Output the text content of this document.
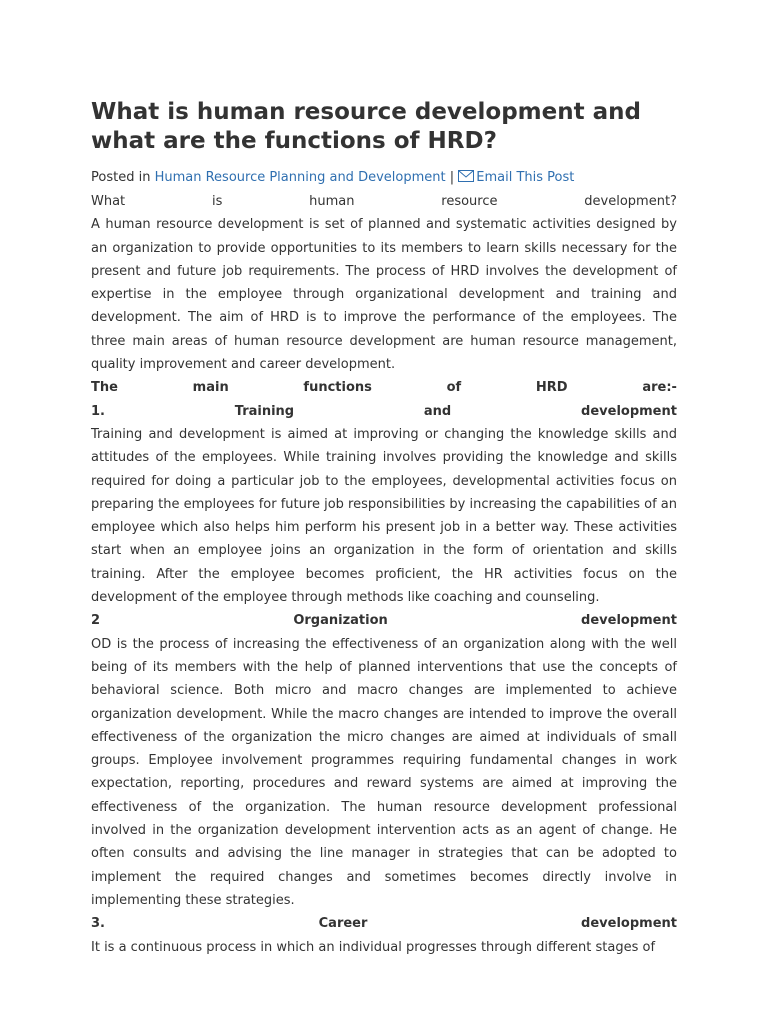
What is human resource development and what are the functions of HRD?
Posted in Human Resource Planning and Development | Email This Post
What	is	human	resource	development?

A human resource development is set of planned and systematic activities designed by an organization to provide opportunities to its members to learn skills necessary for the present and future job requirements. The process of HRD involves the development of expertise in the employee through organizational development and training and development. The aim of HRD is to improve the performance of the employees. The three main areas of human resource development are human resource management, quality improvement and career development.

The	main	functions	of	HRD	are:-
1.	Training	and	development

Training and development is aimed at improving or changing the knowledge skills and attitudes of the employees. While training involves providing the knowledge and skills required for doing a particular job to the employees, developmental activities focus on preparing the employees for future job responsibilities by increasing the capabilities of an employee which also helps him perform his present job in a better way. These activities start when an employee joins an organization in the form of orientation and skills training. After the employee becomes proficient, the HR activities focus on the development of the employee through methods like coaching and counseling.

2	Organization	development

OD is the process of increasing the effectiveness of an organization along with the well being of its members with the help of planned interventions that use the concepts of behavioral science. Both micro and macro changes are implemented to achieve organization development. While the macro changes are intended to improve the overall effectiveness of the organization the micro changes are aimed at individuals of small groups. Employee involvement programmes requiring fundamental changes in work expectation, reporting, procedures and reward systems are aimed at improving the effectiveness of the organization. The human resource development professional involved in the organization development intervention acts as an agent of change. He often consults and advising the line manager in strategies that can be adopted to implement the required changes and sometimes becomes directly involve in implementing these strategies.

3.	Career	development

It is a continuous process in which an individual progresses through different stages of
